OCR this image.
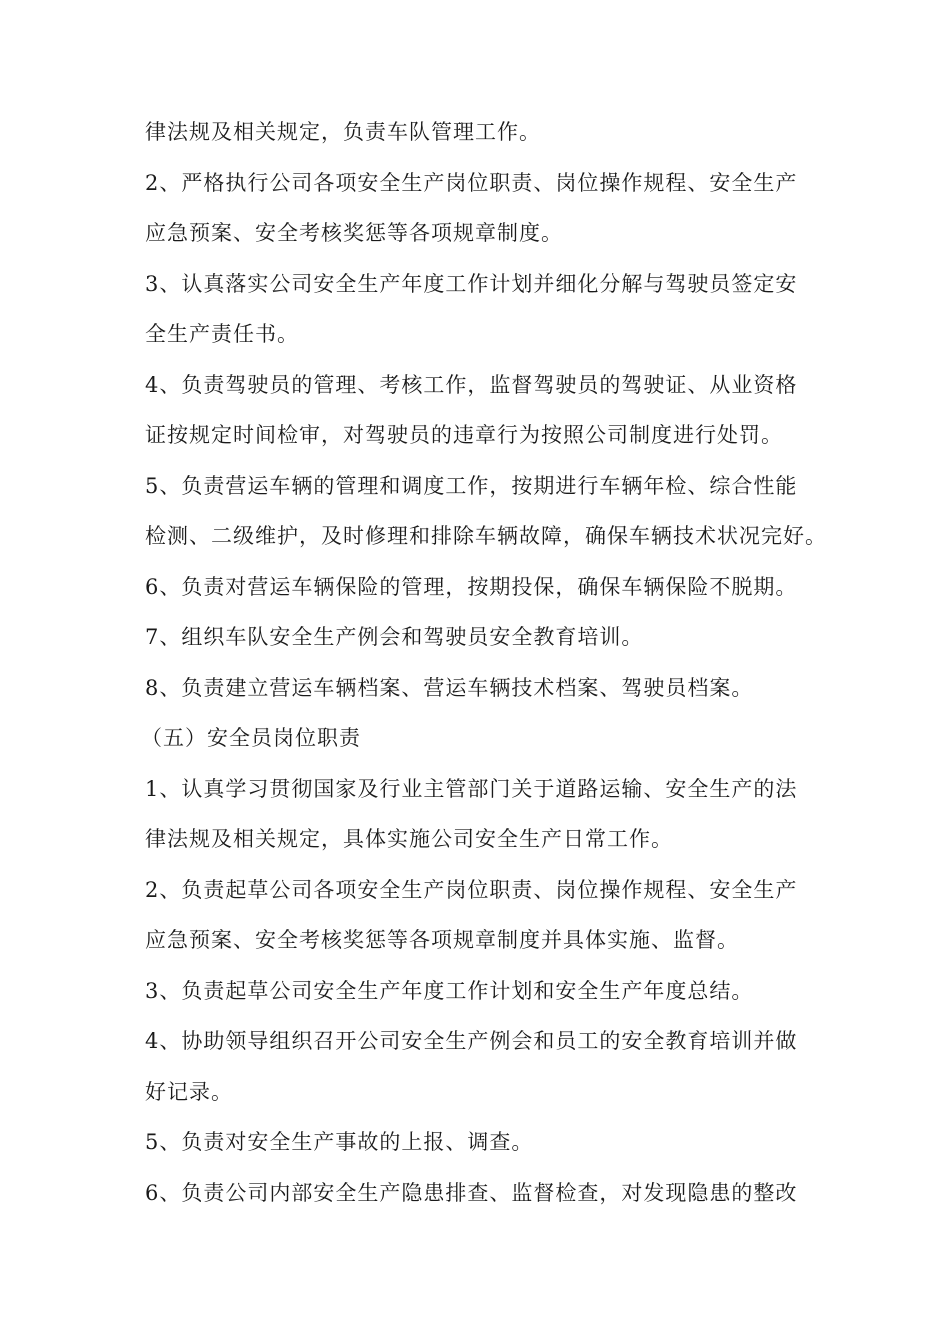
律法规及相关规定，负责车队管理工作。
2、严格执行公司各项安全生产岗位职责、岗位操作规程、安全生产
应急预案、安全考核奖惩等各项规章制度。
3、认真落实公司安全生产年度工作计划并细化分解与驾驶员签定安
全生产责任书。
4、负责驾驶员的管理、考核工作，监督驾驶员的驾驶证、从业资格
证按规定时间检审，对驾驶员的违章行为按照公司制度进行处罚。
5、负责营运车辆的管理和调度工作，按期进行车辆年检、综合性能
检测、二级维护，及时修理和排除车辆故障，确保车辆技术状况完好。
6、负责对营运车辆保险的管理，按期投保，确保车辆保险不脱期。
7、组织车队安全生产例会和驾驶员安全教育培训。
8、负责建立营运车辆档案、营运车辆技术档案、驾驶员档案。
（五）安全员岗位职责
1、认真学习贯彻国家及行业主管部门关于道路运输、安全生产的法
律法规及相关规定，具体实施公司安全生产日常工作。
2、负责起草公司各项安全生产岗位职责、岗位操作规程、安全生产
应急预案、安全考核奖惩等各项规章制度并具体实施、监督。
3、负责起草公司安全生产年度工作计划和安全生产年度总结。
4、协助领导组织召开公司安全生产例会和员工的安全教育培训并做
好记录。
5、负责对安全生产事故的上报、调查。
6、负责公司内部安全生产隐患排查、监督检查，对发现隐患的整改
